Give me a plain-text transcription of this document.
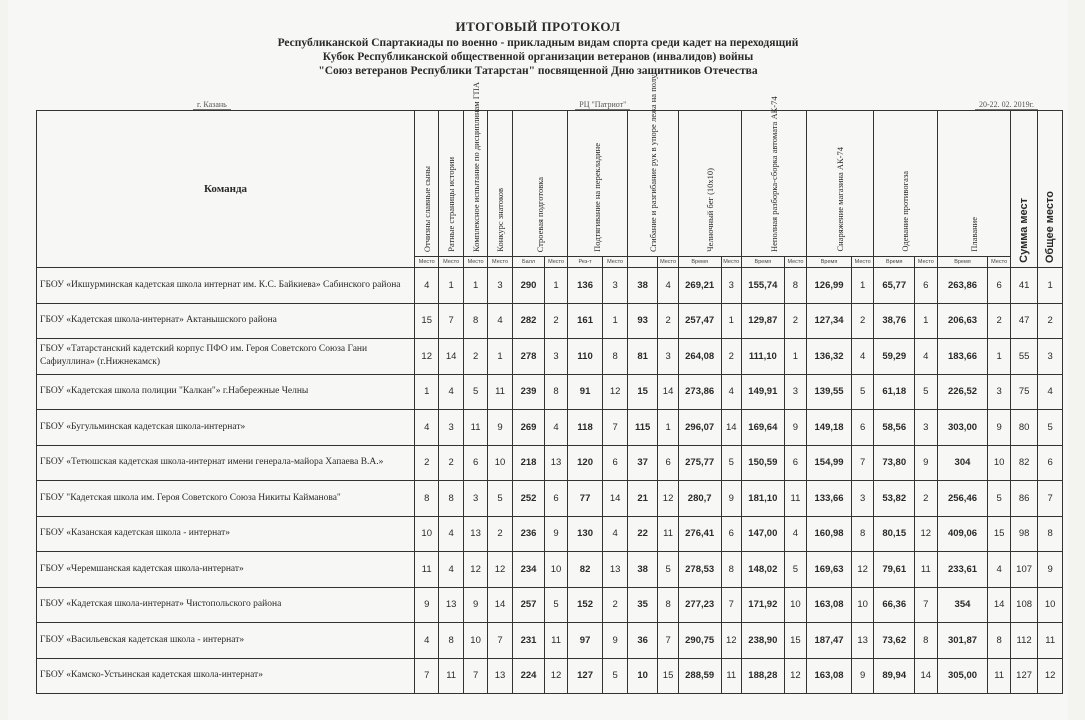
ИТОГОВЫЙ ПРОТОКОЛ
Республиканской Спартакиады по военно - прикладным видам спорта среди кадет на переходящий
Кубок Республиканской общественной организации ветеранов (инвалидов) войны
"Союз ветеранов Республики Татарстан" посвященной Дню защитников Отечества
г. Казань	РЦ "Патриот"	20-22. 02. 2019г.
Команда	Отчизны славные сыны	Ратные страницы истории	Комплексное испытание по дисциплинам ГПА	Конкурс знатоков	Строевая подготовка		Подтягивание на перекладине		Сгибание и разгибание рук в упоре лежа на полу		Челночный бег (10х10)		Неполная разборка-сборка автомата АК-74		Снаряжение магазина АК-74		Одевание противогаза		Плавание		Сумма мест	Общее место

	Место	Место	Место	Место	Балл	Место	Рез-т	Место		Место	Время	Место	Время	Место	Время	Место	Время	Место	Время	Место		
ГБОУ «Икшурминская кадетская школа интернат им. К.С. Байкиева» Сабинского района	4	1	1	3	290	1	136	3	38	4	269,21	3	155,74	8	126,99	1	65,77	6	263,86	6	41	1
ГБОУ «Кадетская школа-интернат» Актанышского района	15	7	8	4	282	2	161	1	93	2	257,47	1	129,87	2	127,34	2	38,76	1	206,63	2	47	2
ГБОУ «Татарстанский кадетский корпус ПФО им. Героя Советского Союза Гани Сафиуллина» (г.Нижнекамск)	12	14	2	1	278	3	110	8	81	3	264,08	2	111,10	1	136,32	4	59,29	4	183,66	1	55	3
ГБОУ «Кадетская школа полиции "Калкан"» г.Набережные Челны	1	4	5	11	239	8	91	12	15	14	273,86	4	149,91	3	139,55	5	61,18	5	226,52	3	75	4
ГБОУ «Бугульминская кадетская школа-интернат»	4	3	11	9	269	4	118	7	115	1	296,07	14	169,64	9	149,18	6	58,56	3	303,00	9	80	5
ГБОУ «Тетюшская кадетская школа-интернат имени генерала-майора Хапаева В.А.»	2	2	6	10	218	13	120	6	37	6	275,77	5	150,59	6	154,99	7	73,80	9	304	10	82	6
ГБОУ "Кадетская школа им. Героя Советского Союза Никиты Кайманова"	8	8	3	5	252	6	77	14	21	12	280,7	9	181,10	11	133,66	3	53,82	2	256,46	5	86	7
ГБОУ «Казанская кадетская школа - интернат»	10	4	13	2	236	9	130	4	22	11	276,41	6	147,00	4	160,98	8	80,15	12	409,06	15	98	8
ГБОУ «Черемшанская кадетская школа-интернат»	11	4	12	12	234	10	82	13	38	5	278,53	8	148,02	5	169,63	12	79,61	11	233,61	4	107	9
ГБОУ «Кадетская школа-интернат» Чистопольского района	9	13	9	14	257	5	152	2	35	8	277,23	7	171,92	10	163,08	10	66,36	7	354	14	108	10
ГБОУ «Васильевская кадетская школа - интернат»	4	8	10	7	231	11	97	9	36	7	290,75	12	238,90	15	187,47	13	73,62	8	301,87	8	112	11
ГБОУ «Камско-Устьинская кадетская школа-интернат»	7	11	7	13	224	12	127	5	10	15	288,59	11	188,28	12	163,08	9	89,94	14	305,00	11	127	12
